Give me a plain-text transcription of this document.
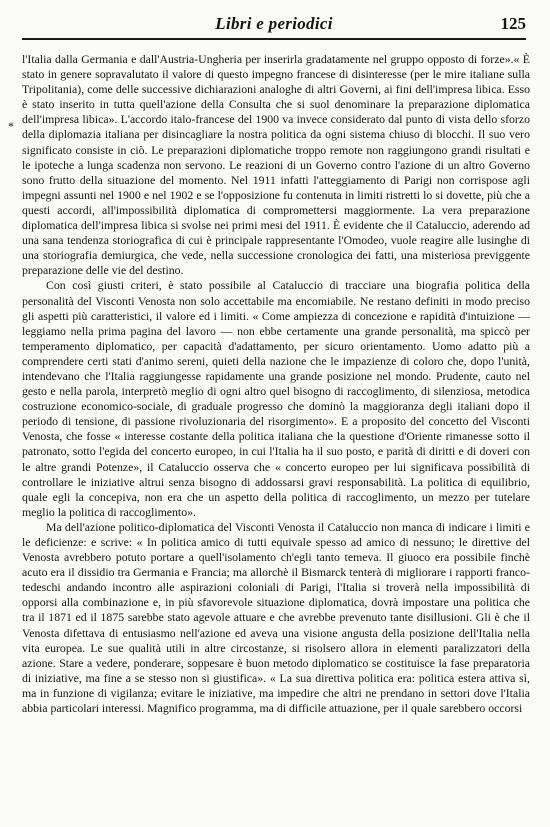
Libri e periodici	125
*

l'Italia dalla Germania e dall'Austria-Ungheria per inserirla gradatamente nel gruppo opposto di forze».« È stato in genere sopravalutato il valore di questo impegno francese di disinteresse (per le mire italiane sulla Tripolitania), come delle successive dichiarazioni analoghe di altri Governi, ai fini dell'impresa libica. Esso è stato inserito in tutta quell'azione della Consulta che si suol denominare la preparazione diplomatica dell'impresa libica». L'accordo italo-francese del 1900 va invece considerato dal punto di vista dello sforzo della diplomazia italiana per disincagliare la nostra politica da ogni sistema chiuso di blocchi. Il suo vero significato consiste in ciò. Le preparazioni diplomatiche troppo remote non raggiungono grandi risultati e le ipoteche a lunga scadenza non servono. Le reazioni di un Governo contro l'azione di un altro Governo sono frutto della situazione del momento. Nel 1911 infatti l'atteggiamento di Parigi non corrispose agli impegni assunti nel 1900 e nel 1902 e se l'opposizione fu contenuta in limiti ristretti lo si dovette, più che a questi accordi, all'impossibilità diplomatica di compromettersi maggiormente. La vera preparazione diplomatica dell'impresa libica si svolse nei primi mesi del 1911. È evidente che il Cataluccio, aderendo ad una sana tendenza storiografica di cui è principale rappresentante l'Omodeo, vuole reagire alle lusinghe di una storiografia demiurgica, che vede, nella successione cronologica dei fatti, una misteriosa previggente preparazione delle vie del destino.

Con così giusti criteri, è stato possibile al Cataluccio di tracciare una biografia politica della personalità del Visconti Venosta non solo accettabile ma encomiabile. Ne restano definiti in modo preciso gli aspetti più caratteristici, il valore ed i limiti. « Come ampiezza di concezione e rapidità d'intuizione — leggiamo nella prima pagina del lavoro — non ebbe certamente una grande personalità, ma spiccò per temperamento diplomatico, per capacità d'adattamento, per sicuro orientamento. Uomo adatto più a comprendere certi stati d'animo sereni, quieti della nazione che le impazienze di coloro che, dopo l'unità, intendevano che l'Italia raggiungesse rapidamente una grande posizione nel mondo. Prudente, cauto nel gesto e nella parola, interpretò meglio di ogni altro quel bisogno di raccoglimento, di silenziosa, metodica costruzione economico-sociale, di graduale progresso che dominò la maggioranza degli italiani dopo il periodo di tensione, di passione rivoluzionaria del risorgimento». E a proposito del concetto del Visconti Venosta, che fosse « interesse costante della politica italiana che la questione d'Oriente rimanesse sotto il patronato, sotto l'egida del concerto europeo, in cui l'Italia ha il suo posto, e parità di diritti e di doveri con le altre grandi Potenze», il Cataluccio osserva che « concerto europeo per lui significava possibilità di controllare le iniziative altrui senza bisogno di addossarsi gravi responsabilità. La politica di equilibrio, quale egli la concepiva, non era che un aspetto della politica di raccoglimento, un mezzo per tutelare meglio la politica di raccoglimento».

Ma dell'azione politico-diplomatica del Visconti Venosta il Cataluccio non manca di indicare i limiti e le deficienze: e scrive: « In politica amico di tutti equivale spesso ad amico di nessuno; le direttive del Venosta avrebbero potuto portare a quell'isolamento ch'egli tanto temeva. Il giuoco era possibile finchè acuto era il dissidio tra Germania e Francia; ma allorchè il Bismarck tenterà di migliorare i rapporti franco-tedeschi andando incontro alle aspirazioni coloniali di Parigi, l'Italia si troverà nella impossibilità di opporsi alla combinazione e, in più sfavorevole situazione diplomatica, dovrà impostare una politica che tra il 1871 ed il 1875 sarebbe stato agevole attuare e che avrebbe prevenuto tante disillusioni. Gli è che il Venosta difettava di entusiasmo nell'azione ed aveva una visione angusta della posizione dell'Italia nella vita europea. Le sue qualità utili in altre circostanze, si risolsero allora in elementi paralizzatori della azione. Stare a vedere, ponderare, soppesare è buon metodo diplomatico se costituisce la fase preparatoria di iniziative, ma fine a se stesso non si giustifica». « La sua direttiva politica era: politica estera attiva sì, ma in funzione di vigilanza; evitare le iniziative, ma impedire che altri ne prendano in settori dove l'Italia abbia particolari interessi. Magnifico programma, ma di difficile attuazione, per il quale sarebbero occorsi
